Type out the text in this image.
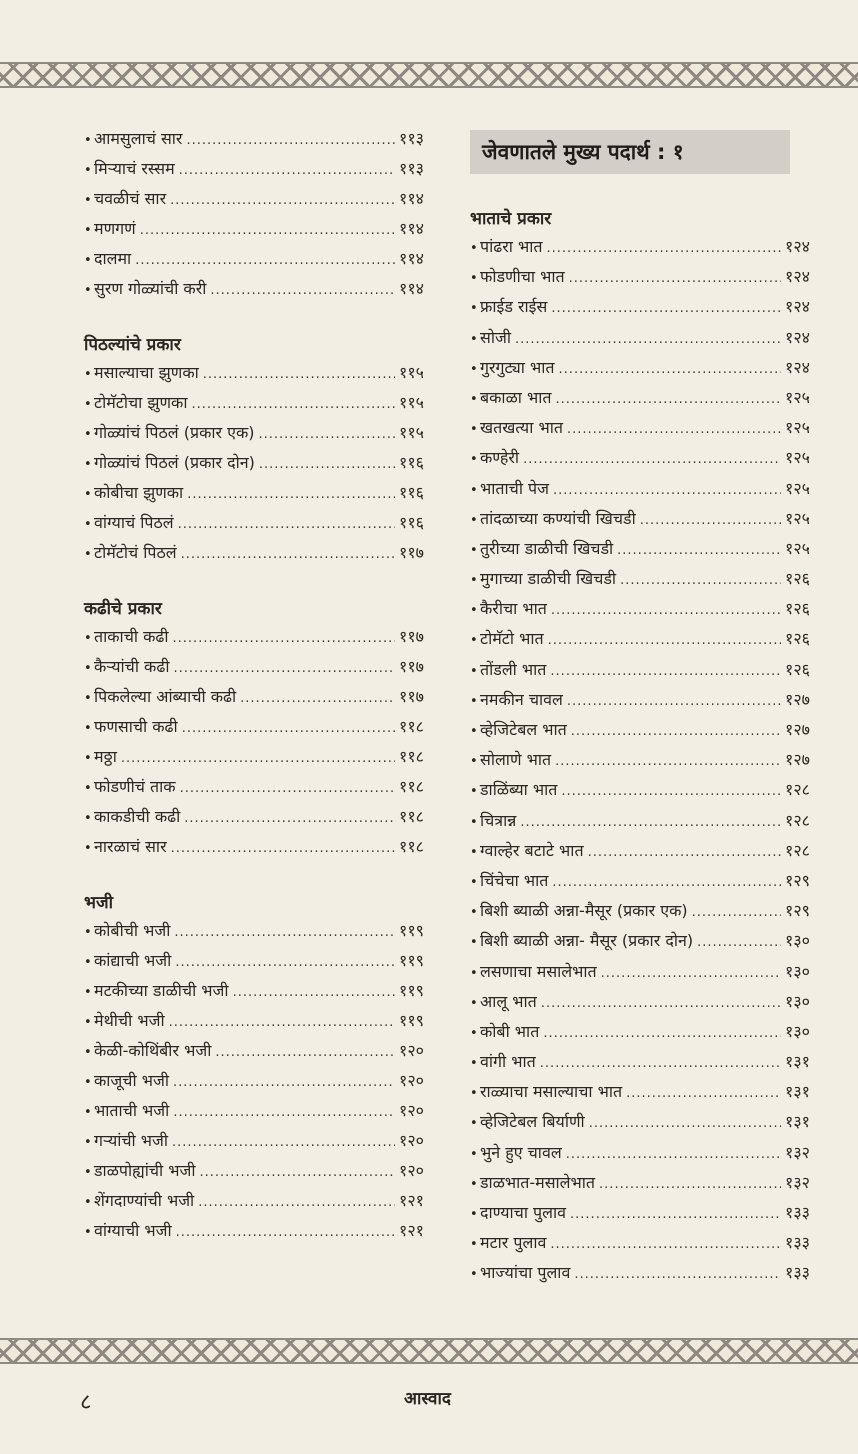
• आमसुलाचं सार .....	११३
• मिऱ्याचं रस्सम .....	११३
• चवळीचं सार .....	११४
• मणगणं .....	११४
• दालमा .....	११४
• सुरण गोळ्यांची करी .....	११४
पिठल्यांचे प्रकार
• मसाल्याचा झुणका .....	११५
• टोमॅटोचा झुणका .....	११५
• गोळ्यांचं पिठलं (प्रकार एक) .....	११५
• गोळ्यांचं पिठलं (प्रकार दोन) .....	११६
• कोबीचा झुणका .....	११६
• वांग्याचं पिठलं .....	११६
• टोमॅटोचं पिठलं .....	११७
कढीचे प्रकार
• ताकाची कढी .....	११७
• कैऱ्यांची कढी .....	११७
• पिकलेल्या आंब्याची कढी .....	११७
• फणसाची कढी .....	११८
• मठ्ठा .....	११८
• फोडणीचं ताक .....	११८
• काकडीची कढी .....	११८
• नारळाचं सार .....	११८
भजी
• कोबीची भजी .....	११९
• कांद्याची भजी .....	११९
• मटकीच्या डाळीची भजी .....	११९
• मेथीची भजी .....	११९
• केळी-कोथिंबीर भजी .....	१२०
• काजूची भजी .....	१२०
• भाताची भजी .....	१२०
• गऱ्यांची भजी .....	१२०
• डाळपोह्यांची भजी .....	१२०
• शेंगदाण्यांची भजी .....	१२१
• वांग्याची भजी .....	१२१
जेवणातले मुख्य पदार्थ : १
भाताचे प्रकार
• पांढरा भात .....	१२४
• फोडणीचा भात .....	१२४
• फ्राईड राईस .....	१२४
• सोजी .....	१२४
• गुरगुट्या भात .....	१२४
• बकाळा भात .....	१२५
• खतखत्या भात .....	१२५
• कण्हेरी .....	१२५
• भाताची पेज .....	१२५
• तांदळाच्या कण्यांची खिचडी .....	१२५
• तुरीच्या डाळीची खिचडी .....	१२५
• मुगाच्या डाळीची खिचडी .....	१२६
• कैरीचा भात .....	१२६
• टोमॅटो भात .....	१२६
• तोंडली भात .....	१२६
• नमकीन चावल .....	१२७
• व्हेजिटेबल भात .....	१२७
• सोलाणे भात .....	१२७
• डाळिंब्या भात .....	१२८
• चित्रान्न .....	१२८
• ग्वाल्हेर बटाटे भात .....	१२८
• चिंचेचा भात .....	१२९
• बिशी ब्याळी अन्ना-मैसूर (प्रकार एक) .....	१२९
• बिशी ब्याळी अन्ना- मैसूर (प्रकार दोन) .....	१३०
• लसणाचा मसालेभात .....	१३०
• आलू भात .....	१३०
• कोबी भात .....	१३०
• वांगी भात .....	१३१
• राळ्याचा मसाल्याचा भात .....	१३१
• व्हेजिटेबल बिर्याणी .....	१३१
• भुने हुए चावल .....	१३२
• डाळभात-मसालेभात .....	१३२
• दाण्याचा पुलाव .....	१३३
• मटार पुलाव .....	१३३
• भाज्यांचा पुलाव .....	१३३
८	आस्वाद
